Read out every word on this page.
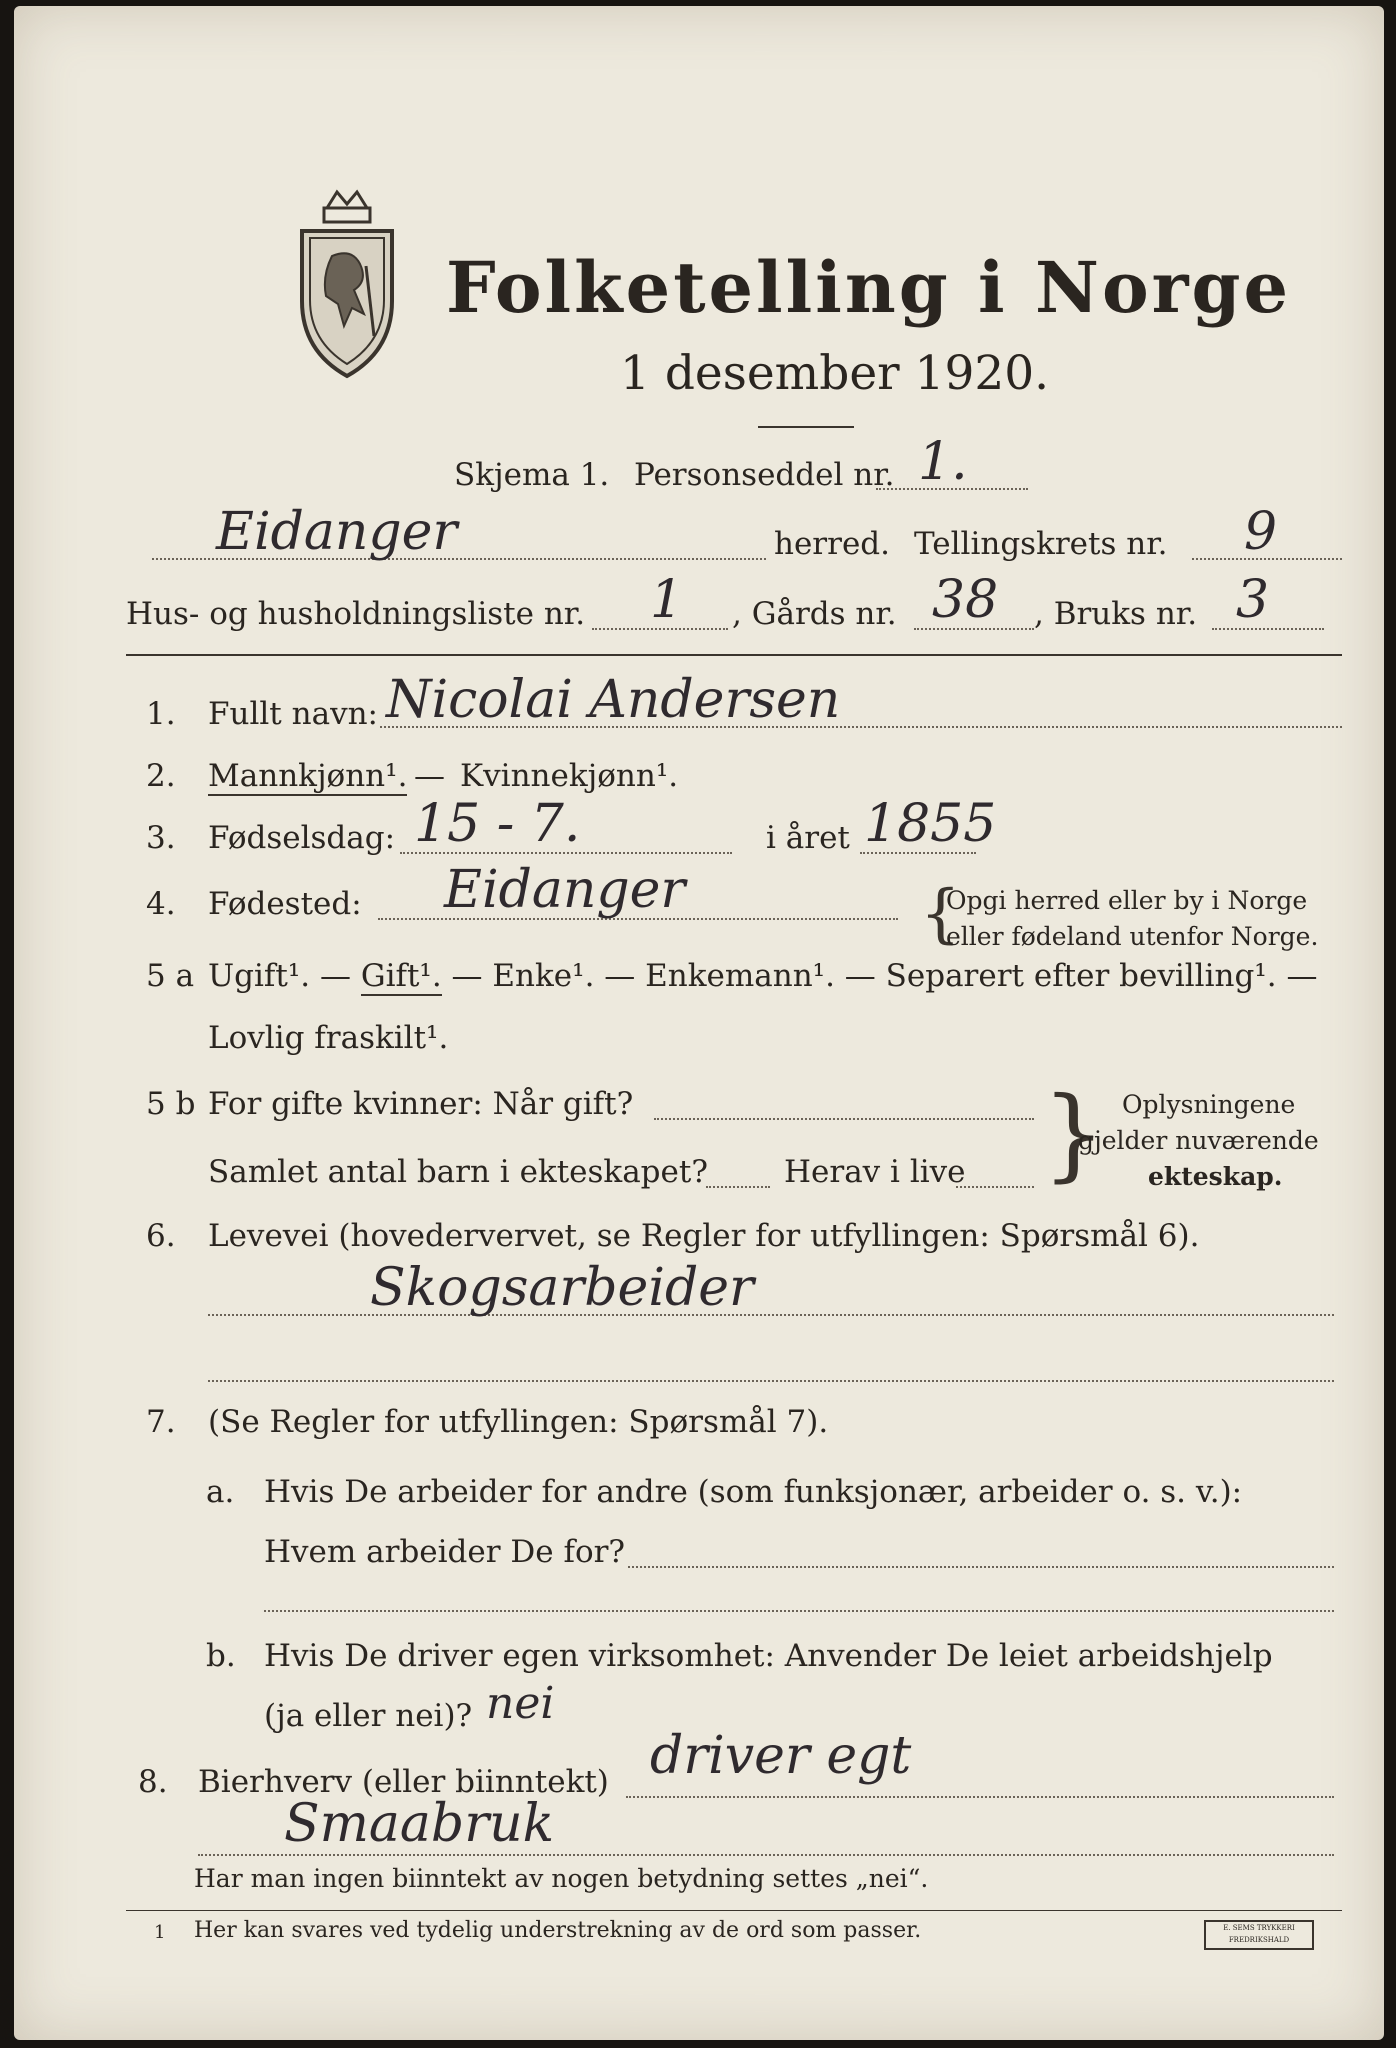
Folketelling i Norge
1 desember 1920.
Skjema 1. Personseddel nr. 1.
Eidanger	herred. Tellingskrets nr. 9
Hus- og husholdningsliste nr. 1 , Gårds nr. 38 , Bruks nr. 3
1. Fullt navn: Nicolai Andersen
2. Mannkjønn¹. — Kvinnekjønn¹.
3. Fødselsdag: 15 - 7.	i året 1855
4. Fødested: Eidanger	{
Opgi herred eller by i Norge
eller fødeland utenfor Norge.
5 a Ugift¹. — Gift¹. — Enke¹. — Enkemann¹. — Separert efter bevilling¹. —
Lovlig fraskilt¹.
5 b For gifte kvinner: Når gift?
Samlet antal barn i ekteskapet? Herav i live } Oplysningene
gjelder nuværende
ekteskap.
6. Levevei (hovedervervet, se Regler for utfyllingen: Spørsmål 6).
Skogsarbeider
7. (Se Regler for utfyllingen: Spørsmål 7).
a. Hvis De arbeider for andre (som funksjonær, arbeider o. s. v.):
Hvem arbeider De for?
b. Hvis De driver egen virksomhet: Anvender De leiet arbeidshjelp
(ja eller nei)? nei
8. Bierhverv (eller biinntekt) driver egt
Smaabruk
Har man ingen biinntekt av nogen betydning settes „nei“.
1 Her kan svares ved tydelig understrekning av de ord som passer.	E. SEMS TRYKKERI FREDRIKSHALD
